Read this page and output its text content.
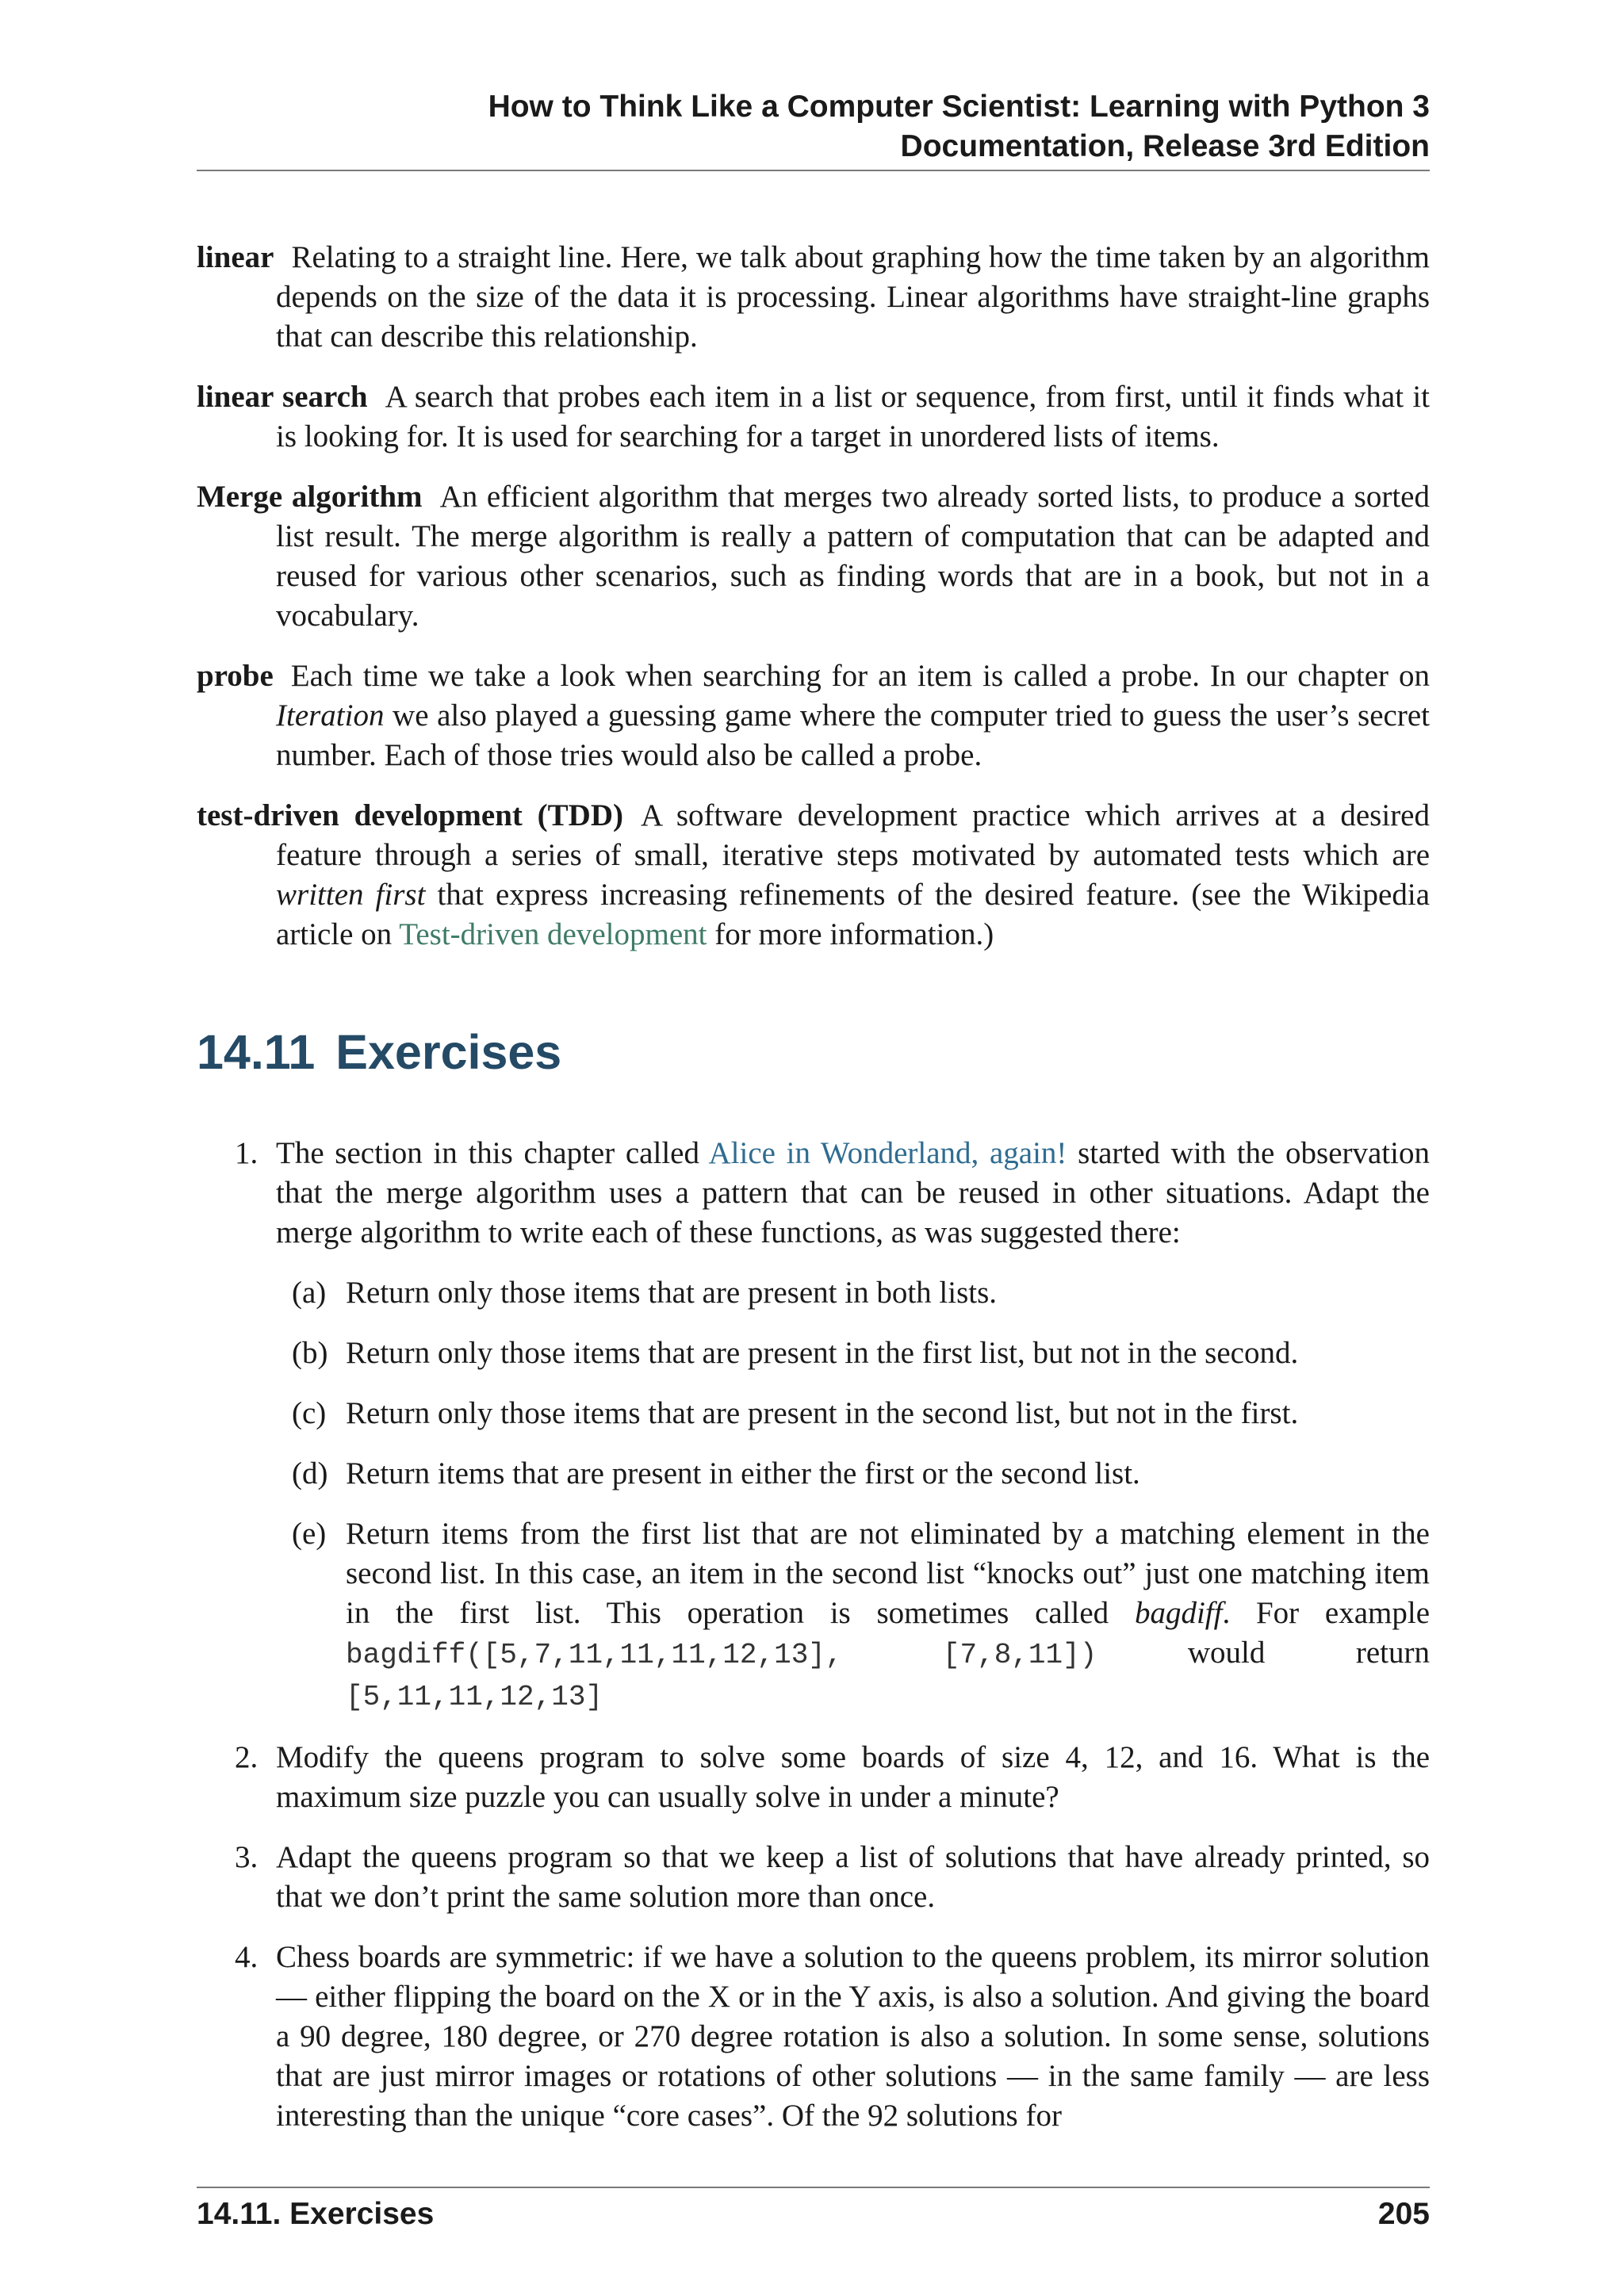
How to Think Like a Computer Scientist: Learning with Python 3
Documentation, Release 3rd Edition
linear Relating to a straight line. Here, we talk about graphing how the time taken by an algorithm depends on the size of the data it is processing. Linear algorithms have straight-line graphs that can describe this relationship.
linear search A search that probes each item in a list or sequence, from first, until it finds what it is looking for. It is used for searching for a target in unordered lists of items.
Merge algorithm An efficient algorithm that merges two already sorted lists, to produce a sorted list result. The merge algorithm is really a pattern of computation that can be adapted and reused for various other scenarios, such as finding words that are in a book, but not in a vocabulary.
probe Each time we take a look when searching for an item is called a probe. In our chapter on Iteration we also played a guessing game where the computer tried to guess the user’s secret number. Each of those tries would also be called a probe.
test-driven development (TDD) A software development practice which arrives at a desired feature through a series of small, iterative steps motivated by automated tests which are written first that express increasing refinements of the desired feature. (see the Wikipedia article on Test-driven development for more information.)
14.11 Exercises
1. The section in this chapter called Alice in Wonderland, again! started with the observation that the merge algorithm uses a pattern that can be reused in other situations. Adapt the merge algorithm to write each of these functions, as was suggested there:
(a) Return only those items that are present in both lists.
(b) Return only those items that are present in the first list, but not in the second.
(c) Return only those items that are present in the second list, but not in the first.
(d) Return items that are present in either the first or the second list.
(e) Return items from the first list that are not eliminated by a matching element in the second list. In this case, an item in the second list “knocks out” just one matching item in the first list. This operation is sometimes called bagdiff. For example bagdiff([5,7,11,11,11,12,13], [7,8,11]) would return [5,11,11,12,13]
2. Modify the queens program to solve some boards of size 4, 12, and 16. What is the maximum size puzzle you can usually solve in under a minute?
3. Adapt the queens program so that we keep a list of solutions that have already printed, so that we don’t print the same solution more than once.
4. Chess boards are symmetric: if we have a solution to the queens problem, its mirror solution — either flipping the board on the X or in the Y axis, is also a solution. And giving the board a 90 degree, 180 degree, or 270 degree rotation is also a solution. In some sense, solutions that are just mirror images or rotations of other solutions — in the same family — are less interesting than the unique “core cases”. Of the 92 solutions for
14.11. Exercises	205
